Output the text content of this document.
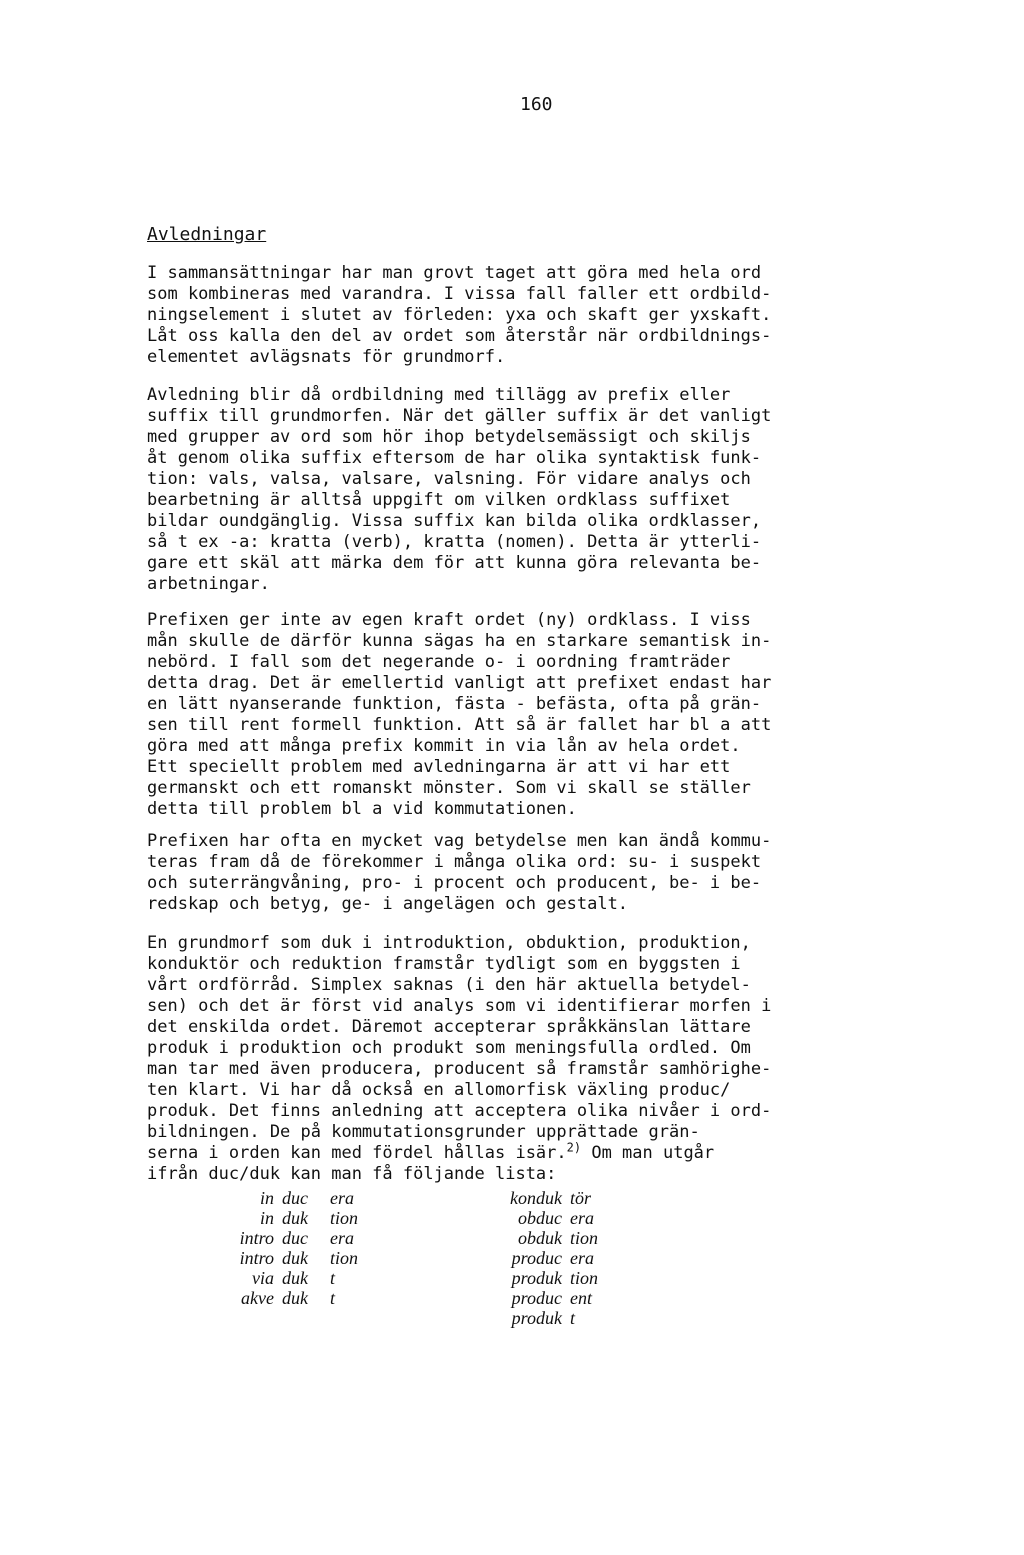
160
Avledningar
I sammansättningar har man grovt taget att göra med hela ord
som kombineras med varandra. I vissa fall faller ett ordbild-
ningselement i slutet av förleden: yxa och skaft ger yxskaft.
Låt oss kalla den del av ordet som återstår när ordbildnings-
elementet avlägsnats för grundmorf.
Avledning blir då ordbildning med tillägg av prefix eller
suffix till grundmorfen. När det gäller suffix är det vanligt
med grupper av ord som hör ihop betydelsemässigt och skiljs
åt genom olika suffix eftersom de har olika syntaktisk funk-
tion: vals, valsa, valsare, valsning. För vidare analys och
bearbetning är alltså uppgift om vilken ordklass suffixet
bildar oundgänglig. Vissa suffix kan bilda olika ordklasser,
så t ex -a: kratta (verb), kratta (nomen). Detta är ytterli-
gare ett skäl att märka dem för att kunna göra relevanta be-
arbetningar.
Prefixen ger inte av egen kraft ordet (ny) ordklass. I viss
mån skulle de därför kunna sägas ha en starkare semantisk in-
nebörd. I fall som det negerande o- i oordning framträder
detta drag. Det är emellertid vanligt att prefixet endast har
en lätt nyanserande funktion, fästa - befästa, ofta på grän-
sen till rent formell funktion. Att så är fallet har bl a att
göra med att många prefix kommit in via lån av hela ordet.
Ett speciellt problem med avledningarna är att vi har ett
germanskt och ett romanskt mönster. Som vi skall se ställer
detta till problem bl a vid kommutationen.
Prefixen har ofta en mycket vag betydelse men kan ändå kommu-
teras fram då de förekommer i många olika ord: su- i suspekt
och suterrängvåning, pro- i procent och producent, be- i be-
redskap och betyg, ge- i angelägen och gestalt.
En grundmorf som duk i introduktion, obduktion, produktion,
konduktör och reduktion framstår tydligt som en byggsten i
vårt ordförråd. Simplex saknas (i den här aktuella betydel-
sen) och det är först vid analys som vi identifierar morfen i
det enskilda ordet. Däremot accepterar språkkänslan lättare
produk i produktion och produkt som meningsfulla ordled. Om
man tar med även producera, producent så framstår samhörighe-
ten klart. Vi har då också en allomorfisk växling produc/
produk. Det finns anledning att acceptera olika nivåer i ord-
bildningen. De på kommutationsgrunder upprättade grän-
serna i orden kan med fördel hållas isär.$^{2)}$ Om man utgår
ifrån duc/duk kan man få följande lista:
in duc era
in duk tion
intro duc era
intro duk tion
via duk t
akve duk t
konduk tör
obduc era
obduk tion
produc era
produk tion
produc ent
produk t
